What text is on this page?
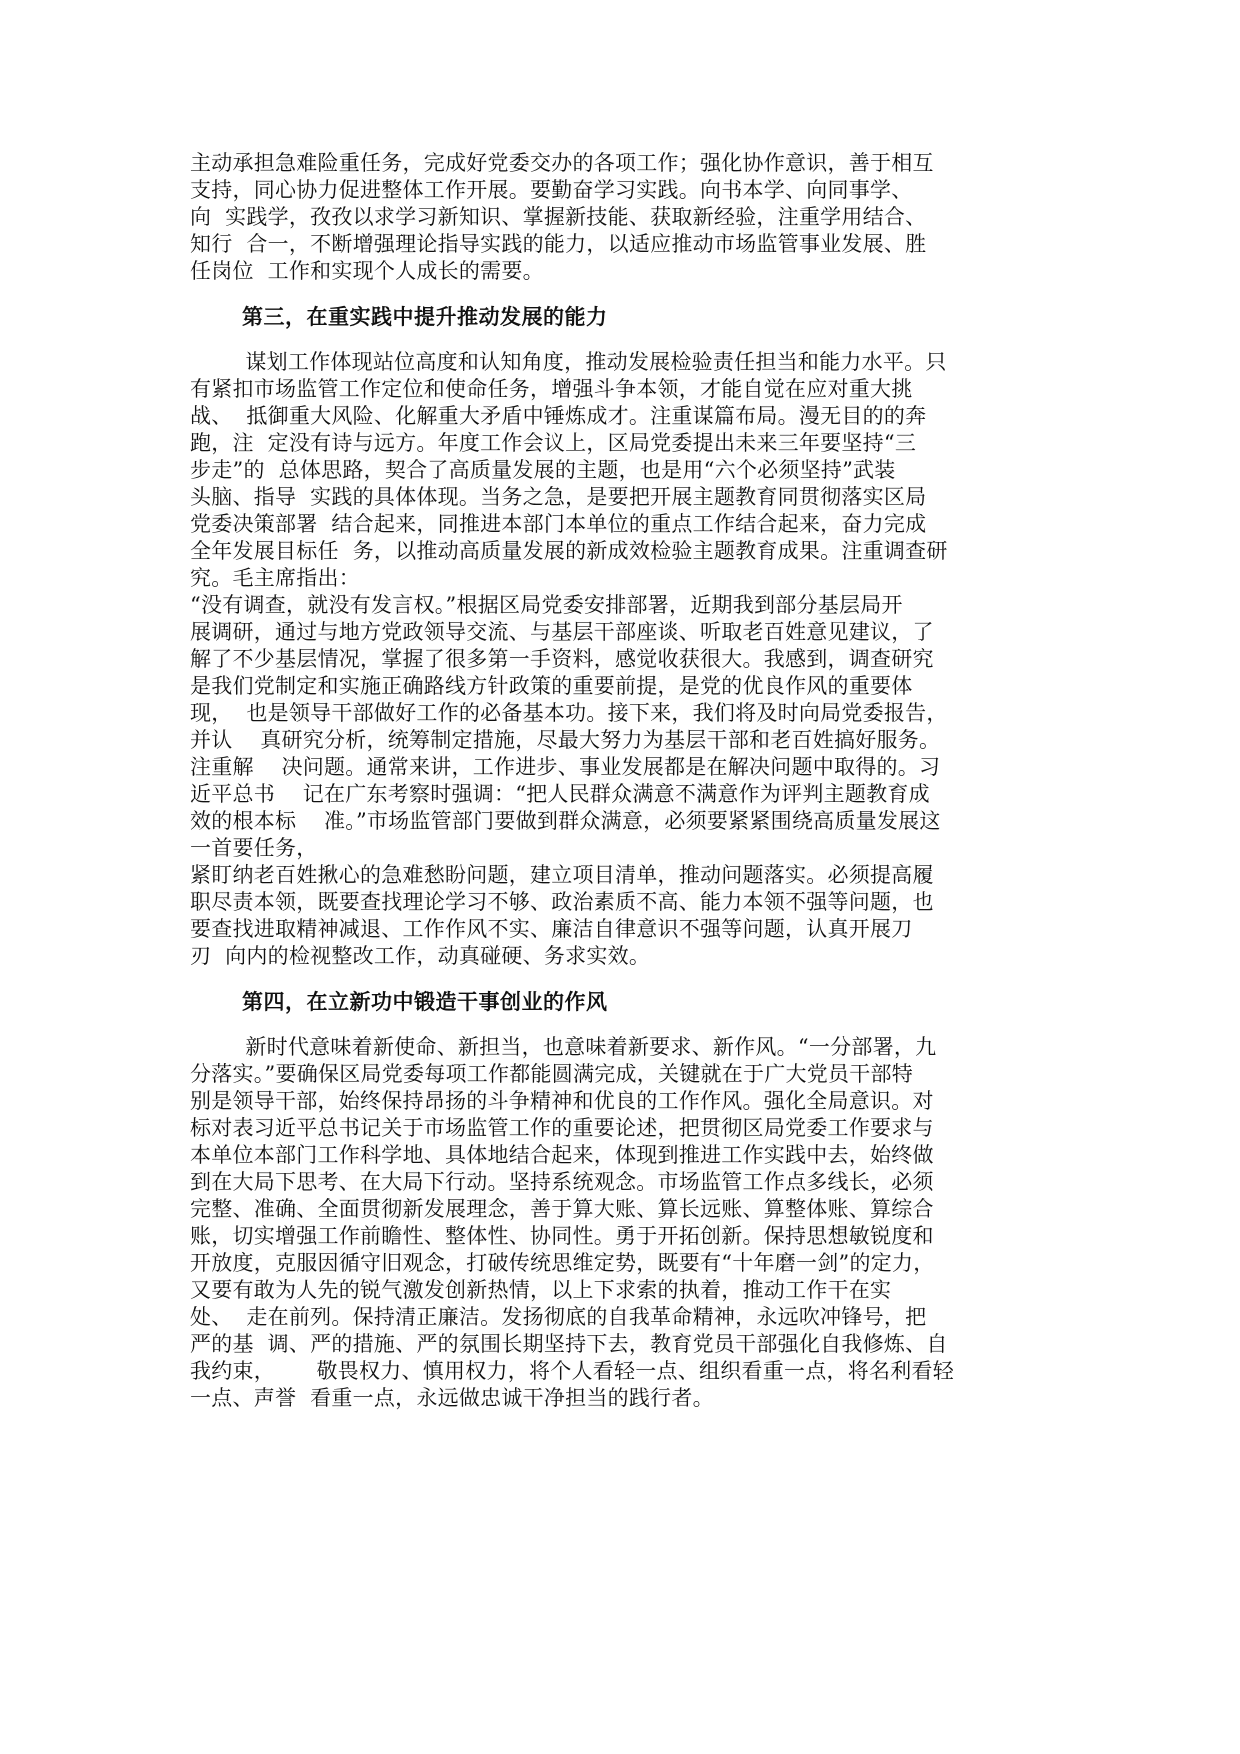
主动承担急难险重任务，完成好党委交办的各项工作；强化协作意识，善于相互
支持，同心协力促进整体工作开展。要勤奋学习实践。向书本学、向同事学、
向  实践学，孜孜以求学习新知识、掌握新技能、获取新经验，注重学用结合、
知行  合一，不断增强理论指导实践的能力，以适应推动市场监管事业发展、胜
任岗位  工作和实现个人成长的需要。

第三，在重实践中提升推动发展的能力

谋划工作体现站位高度和认知角度，推动发展检验责任担当和能力水平。只
有紧扣市场监管工作定位和使命任务，增强斗争本领，才能自觉在应对重大挑
战、  抵御重大风险、化解重大矛盾中锤炼成才。注重谋篇布局。漫无目的的奔
跑，注  定没有诗与远方。年度工作会议上，区局党委提出未来三年要坚持“三
步走”的  总体思路，契合了高质量发展的主题，也是用“六个必须坚持”武装
头脑、指导  实践的具体体现。当务之急，是要把开展主题教育同贯彻落实区局
党委决策部署  结合起来，同推进本部门本单位的重点工作结合起来，奋力完成
全年发展目标任  务，以推动高质量发展的新成效检验主题教育成果。注重调查研
究。毛主席指出：
“没有调查，就没有发言权。”根据区局党委安排部署，近期我到部分基层局开
展调研，通过与地方党政领导交流、与基层干部座谈、听取老百姓意见建议，了
解了不少基层情况，掌握了很多第一手资料，感觉收获很大。我感到，调查研究
是我们党制定和实施正确路线方针政策的重要前提，是党的优良作风的重要体
现，  也是领导干部做好工作的必备基本功。接下来，我们将及时向局党委报告，
并认    真研究分析，统筹制定措施，尽最大努力为基层干部和老百姓搞好服务。
注重解    决问题。通常来讲，工作进步、事业发展都是在解决问题中取得的。习
近平总书    记在广东考察时强调：“把人民群众满意不满意作为评判主题教育成
效的根本标    准。”市场监管部门要做到群众满意，必须要紧紧围绕高质量发展这
一首要任务，
紧盯纳老百姓揪心的急难愁盼问题，建立项目清单，推动问题落实。必须提高履
职尽责本领，既要查找理论学习不够、政治素质不高、能力本领不强等问题，也
要查找进取精神减退、工作作风不实、廉洁自律意识不强等问题，认真开展刀
刃  向内的检视整改工作，动真碰硬、务求实效。

第四，在立新功中锻造干事创业的作风

新时代意味着新使命、新担当，也意味着新要求、新作风。“一分部署，九
分落实。”要确保区局党委每项工作都能圆满完成，关键就在于广大党员干部特
别是领导干部，始终保持昂扬的斗争精神和优良的工作作风。强化全局意识。对
标对表习近平总书记关于市场监管工作的重要论述，把贯彻区局党委工作要求与
本单位本部门工作科学地、具体地结合起来，体现到推进工作实践中去，始终做
到在大局下思考、在大局下行动。坚持系统观念。市场监管工作点多线长，必须
完整、准确、全面贯彻新发展理念，善于算大账、算长远账、算整体账、算综合
账，切实增强工作前瞻性、整体性、协同性。勇于开拓创新。保持思想敏锐度和
开放度，克服因循守旧观念，打破传统思维定势，既要有“十年磨一剑”的定力，
又要有敢为人先的锐气激发创新热情，以上下求索的执着，推动工作干在实
处、  走在前列。保持清正廉洁。发扬彻底的自我革命精神，永远吹冲锋号，把
严的基  调、严的措施、严的氛围长期坚持下去，教育党员干部强化自我修炼、自
我约束，      敬畏权力、慎用权力，将个人看轻一点、组织看重一点，将名利看轻
一点、声誉  看重一点，永远做忠诚干净担当的践行者。
